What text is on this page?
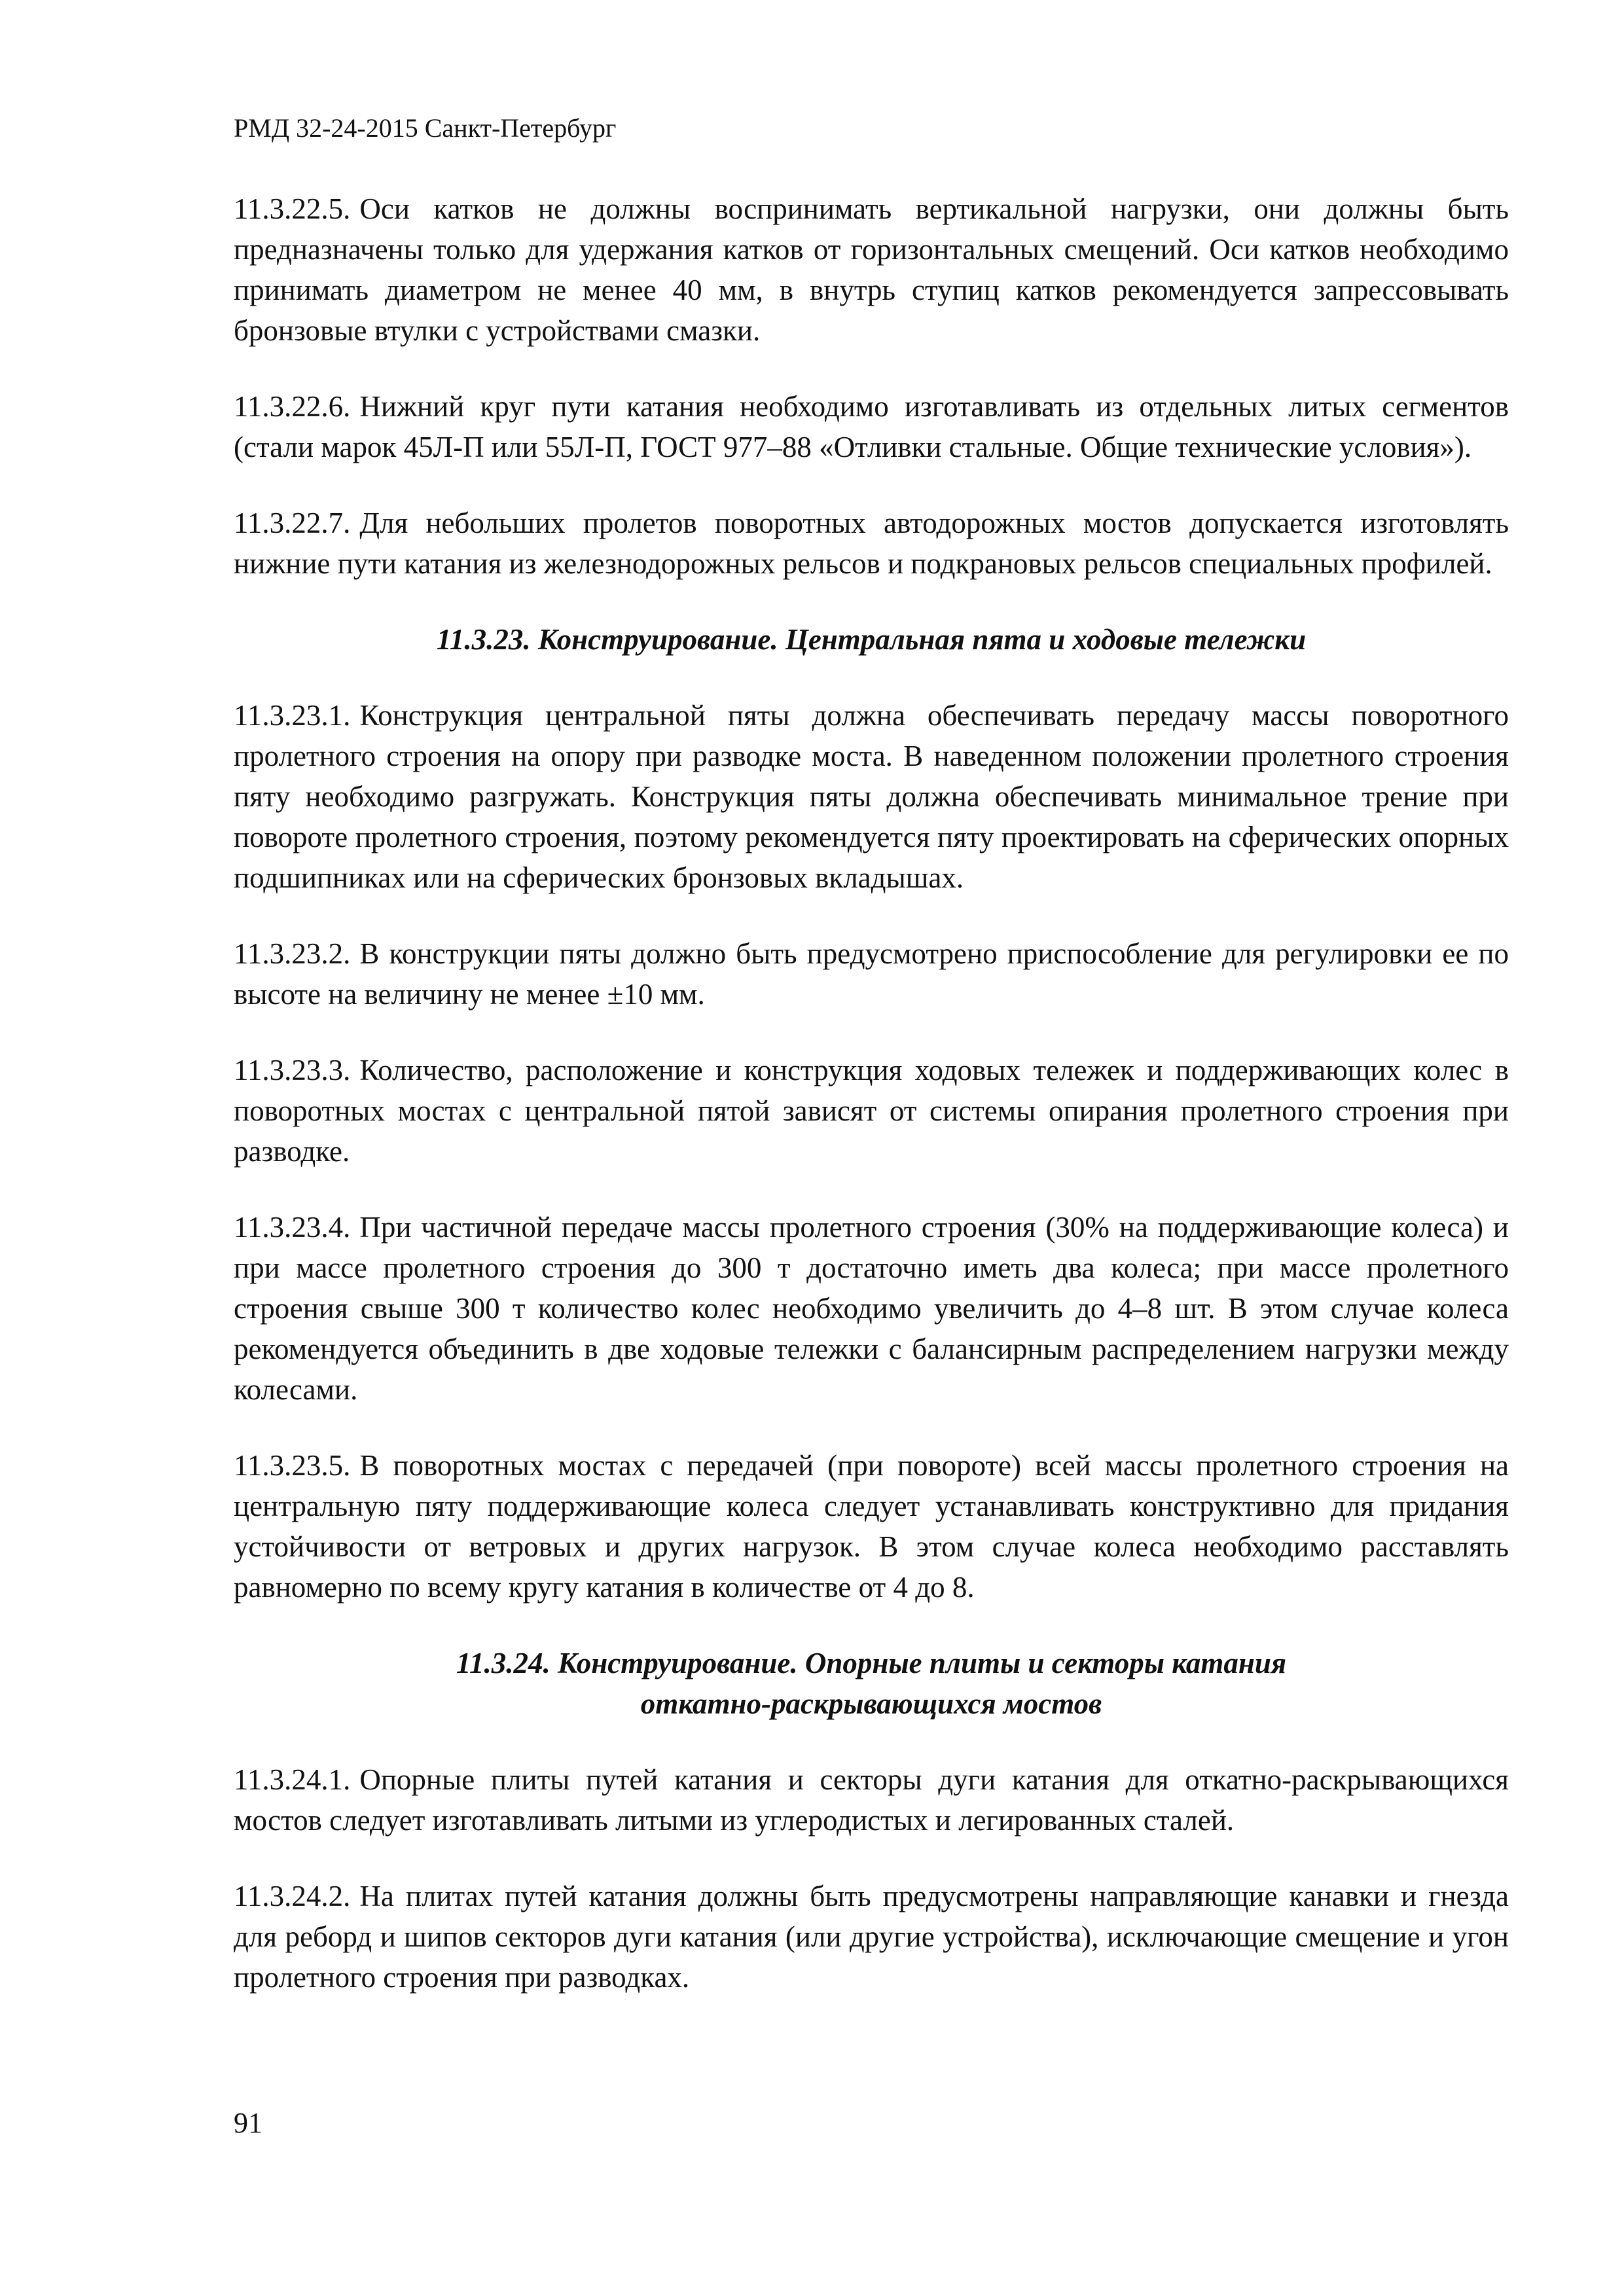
РМД 32-24-2015 Санкт-Петербург

11.3.22.5. Оси катков не должны воспринимать вертикальной нагрузки, они должны быть предназначены только для удержания катков от горизонтальных смещений. Оси катков необходимо принимать диаметром не менее 40 мм, в внутрь ступиц катков рекомендуется запрессовывать бронзовые втулки с устройствами смазки.

11.3.22.6. Нижний круг пути катания необходимо изготавливать из отдельных литых сегментов (стали марок 45Л-П или 55Л-П, ГОСТ 977–88 «Отливки стальные. Общие технические условия»).

11.3.22.7. Для небольших пролетов поворотных автодорожных мостов допускается изготовлять нижние пути катания из железнодорожных рельсов и подкрановых рельсов специальных профилей.

11.3.23. Конструирование. Центральная пята и ходовые тележки

11.3.23.1. Конструкция центральной пяты должна обеспечивать передачу массы поворотного пролетного строения на опору при разводке моста. В наведенном положении пролетного строения пяту необходимо разгружать. Конструкция пяты должна обеспечивать минимальное трение при повороте пролетного строения, поэтому рекомендуется пяту проектировать на сферических опорных подшипниках или на сферических бронзовых вкладышах.

11.3.23.2. В конструкции пяты должно быть предусмотрено приспособление для регулировки ее по высоте на величину не менее ±10 мм.

11.3.23.3. Количество, расположение и конструкция ходовых тележек и поддерживающих колес в поворотных мостах с центральной пятой зависят от системы опирания пролетного строения при разводке.

11.3.23.4. При частичной передаче массы пролетного строения (30% на поддерживающие колеса) и при массе пролетного строения до 300 т достаточно иметь два колеса; при массе пролетного строения свыше 300 т количество колес необходимо увеличить до 4–8 шт. В этом случае колеса рекомендуется объединить в две ходовые тележки с балансирным распределением нагрузки между колесами.

11.3.23.5. В поворотных мостах с передачей (при повороте) всей массы пролетного строения на центральную пяту поддерживающие колеса следует устанавливать конструктивно для придания устойчивости от ветровых и других нагрузок. В этом случае колеса необходимо расставлять равномерно по всему кругу катания в количестве от 4 до 8.

11.3.24. Конструирование. Опорные плиты и секторы катания
откатно-раскрывающихся мостов

11.3.24.1. Опорные плиты путей катания и секторы дуги катания для откатно-раскрывающихся мостов следует изготавливать литыми из углеродистых и легированных сталей.

11.3.24.2. На плитах путей катания должны быть предусмотрены направляющие канавки и гнезда для реборд и шипов секторов дуги катания (или другие устройства), исключающие смещение и угон пролетного строения при разводках.

91
